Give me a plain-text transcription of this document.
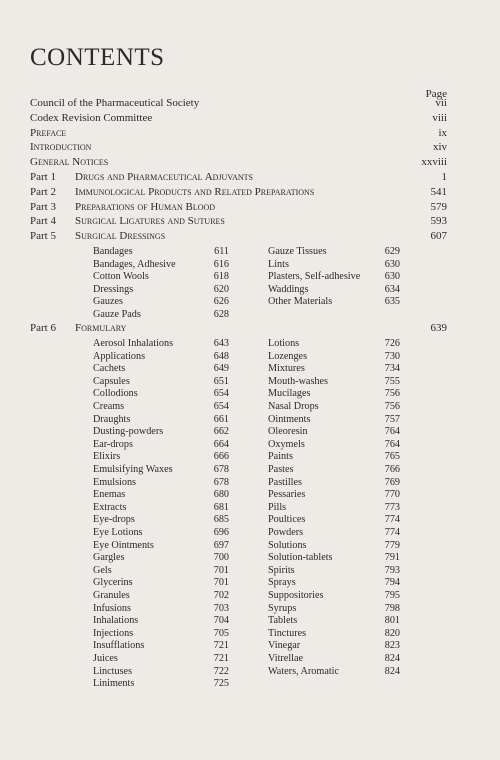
CONTENTS
Page
Council of the Pharmaceutical Society	vii
Codex Revision Committee	viii
Preface	ix
Introduction	xiv
General Notices	xxviii
Part 1 Drugs and Pharmaceutical Adjuvants	1
Part 2 Immunological Products and Related Preparations	541
Part 3 Preparations of Human Blood	579
Part 4 Surgical Ligatures and Sutures	593
Part 5 Surgical Dressings	607
Bandages	611
Bandages, Adhesive	616
Cotton Wools	618
Dressings	620
Gauzes	626
Gauze Pads	628
Gauze Tissues	629
Lints	630
Plasters, Self-adhesive 630
Waddings	634
Other Materials	635
Part 6 Formulary	639
Aerosol Inhalations	643
Applications	648
Cachets	649
Capsules	651
Collodions	654
Creams	654
Draughts	661
Dusting-powders	662
Ear-drops	664
Elixirs	666
Emulsifying Waxes	678
Emulsions	678
Enemas	680
Extracts	681
Eye-drops	685
Eye Lotions	696
Eye Ointments	697
Gargles	700
Gels	701
Glycerins	701
Granules	702
Infusions	703
Inhalations	704
Injections	705
Insufflations	721
Juices	721
Linctuses	722
Liniments	725
Lotions	726
Lozenges	730
Mixtures	734
Mouth-washes	755
Mucilages	756
Nasal Drops	756
Ointments	757
Oleoresin	764
Oxymels	764
Paints	765
Pastes	766
Pastilles	769
Pessaries	770
Pills	773
Poultices	774
Powders	774
Solutions	779
Solution-tablets	791
Spirits	793
Sprays	794
Suppositories	795
Syrups	798
Tablets	801
Tinctures	820
Vinegar	823
Vitrellae	824
Waters, Aromatic	824
